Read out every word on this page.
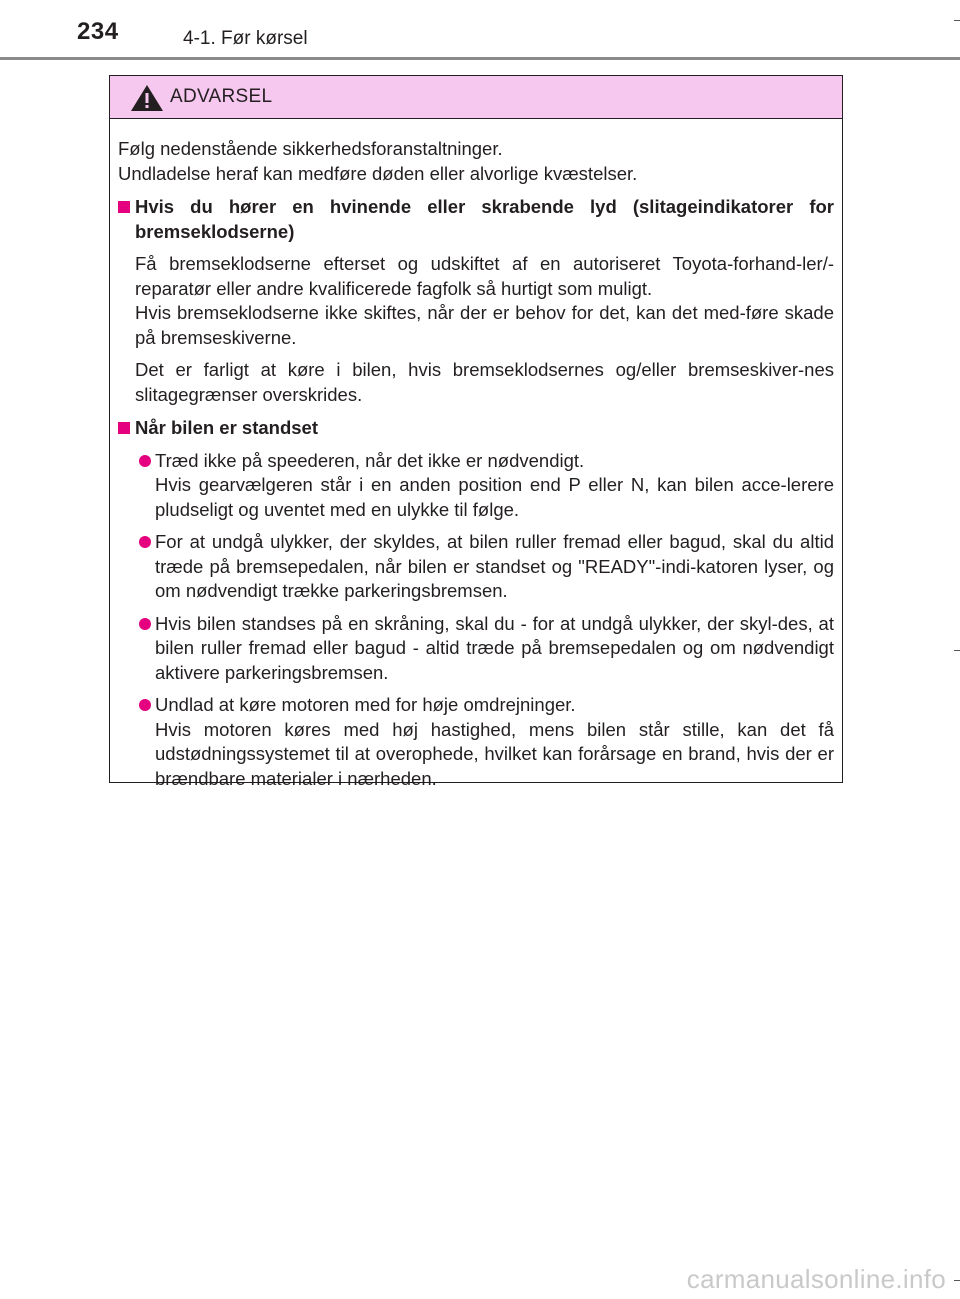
234	4-1. Før kørsel
ADVARSEL

Følg nedenstående sikkerhedsforanstaltninger.

Undladelse heraf kan medføre døden eller alvorlige kvæstelser.

Hvis du hører en hvinende eller skrabende lyd (slitageindikatorer for bremseklodserne)

Få bremseklodserne efterset og udskiftet af en autoriseret Toyota-forhand-ler/-reparatør eller andre kvalificerede fagfolk så hurtigt som muligt.

Hvis bremseklodserne ikke skiftes, når der er behov for det, kan det med-føre skade på bremseskiverne.

Det er farligt at køre i bilen, hvis bremseklodsernes og/eller bremseskiver-nes slitagegrænser overskrides.

Når bilen er standset

Træd ikke på speederen, når det ikke er nødvendigt.

Hvis gearvælgeren står i en anden position end P eller N, kan bilen acce-lerere pludseligt og uventet med en ulykke til følge.

For at undgå ulykker, der skyldes, at bilen ruller fremad eller bagud, skal du altid træde på bremsepedalen, når bilen er standset og "READY"-indi-katoren lyser, og om nødvendigt trække parkeringsbremsen.

Hvis bilen standses på en skråning, skal du - for at undgå ulykker, der skyl-des, at bilen ruller fremad eller bagud - altid træde på bremsepedalen og om nødvendigt aktivere parkeringsbremsen.

Undlad at køre motoren med for høje omdrejninger.

Hvis motoren køres med høj hastighed, mens bilen står stille, kan det få udstødningssystemet til at overophede, hvilket kan forårsage en brand, hvis der er brændbare materialer i nærheden.

carmanualsonline.info
